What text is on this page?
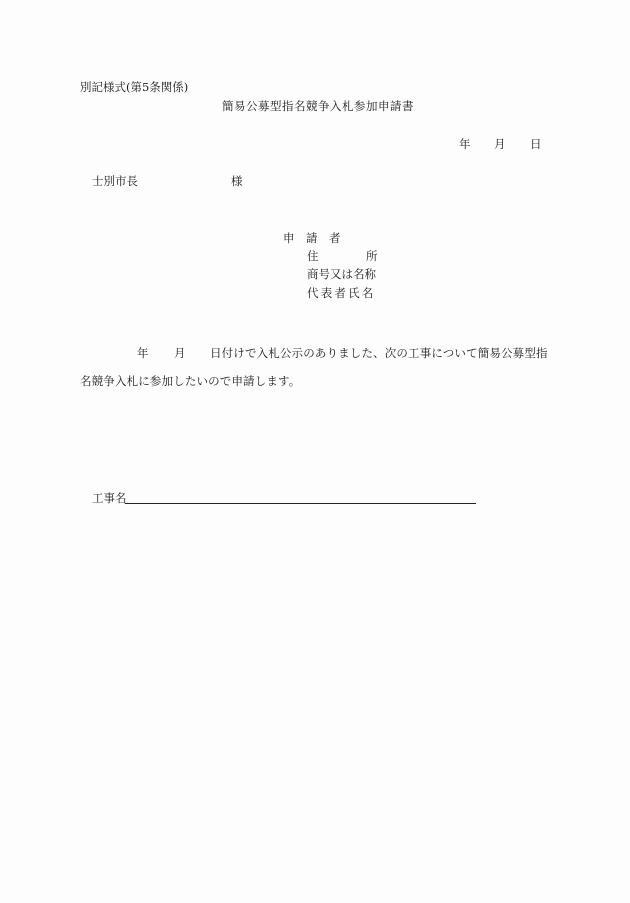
別記様式(第5条関係)
簡易公募型指名競争入札参加申請書
年 月 日
士別市長	様
申　請　者
住	所
商号又は名称
代表者氏名
年 月 日付けで入札公示のありました、次の工事について簡易公募型指
名競争入札に参加したいので申請します。
工事名
